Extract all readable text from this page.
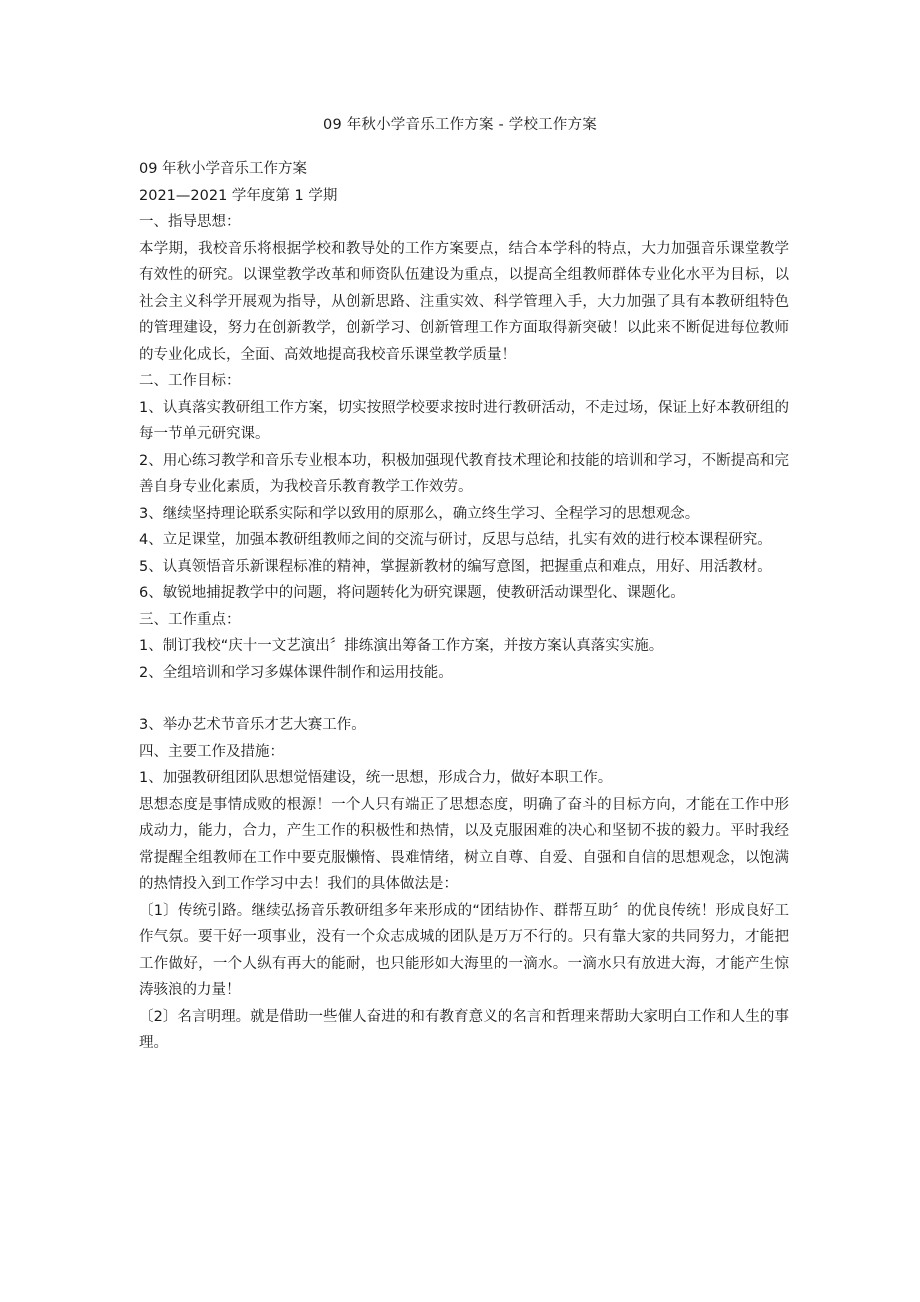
09 年秋小学音乐工作方案 - 学校工作方案

09 年秋小学音乐工作方案

2021—2021 学年度第 1 学期

一、指导思想：

本学期，我校音乐将根据学校和教导处的工作方案要点，结合本学科的特点，大力加强音乐课堂教学有效性的研究。以课堂教学改革和师资队伍建设为重点，以提高全组教师群体专业化水平为目标，以社会主义科学开展观为指导，从创新思路、注重实效、科学管理入手，大力加强了具有本教研组特色的管理建设，努力在创新教学，创新学习、创新管理工作方面取得新突破！以此来不断促进每位教师的专业化成长，全面、高效地提高我校音乐课堂教学质量！

二、工作目标：

1、认真落实教研组工作方案，切实按照学校要求按时进行教研活动，不走过场，保证上好本教研组的每一节单元研究课。

2、用心练习教学和音乐专业根本功，积极加强现代教育技术理论和技能的培训和学习，不断提高和完善自身专业化素质，为我校音乐教育教学工作效劳。

3、继续坚持理论联系实际和学以致用的原那么，确立终生学习、全程学习的思想观念。

4、立足课堂，加强本教研组教师之间的交流与研讨，反思与总结，扎实有效的进行校本课程研究。

5、认真领悟音乐新课程标准的精神，掌握新教材的编写意图，把握重点和难点，用好、用活教材。

6、敏锐地捕捉教学中的问题，将问题转化为研究课题，使教研活动课型化、课题化。

三、工作重点：

1、制订我校“庆十一文艺演出〞排练演出筹备工作方案，并按方案认真落实实施。

2、全组培训和学习多媒体课件制作和运用技能。

3、举办艺术节音乐才艺大赛工作。

四、主要工作及措施：

1、加强教研组团队思想觉悟建设，统一思想，形成合力，做好本职工作。

思想态度是事情成败的根源！一个人只有端正了思想态度，明确了奋斗的目标方向，才能在工作中形成动力，能力，合力，产生工作的积极性和热情，以及克服困难的决心和坚韧不拔的毅力。平时我经常提醒全组教师在工作中要克服懒惰、畏难情绪，树立自尊、自爱、自强和自信的思想观念，以饱满的热情投入到工作学习中去！我们的具体做法是：

〔1〕传统引路。继续弘扬音乐教研组多年来形成的“团结协作、群帮互助〞的优良传统！形成良好工作气氛。要干好一项事业，没有一个众志成城的团队是万万不行的。只有靠大家的共同努力，才能把工作做好，一个人纵有再大的能耐，也只能形如大海里的一滴水。一滴水只有放进大海，才能产生惊涛骇浪的力量！

〔2〕名言明理。就是借助一些催人奋进的和有教育意义的名言和哲理来帮助大家明白工作和人生的事理。
